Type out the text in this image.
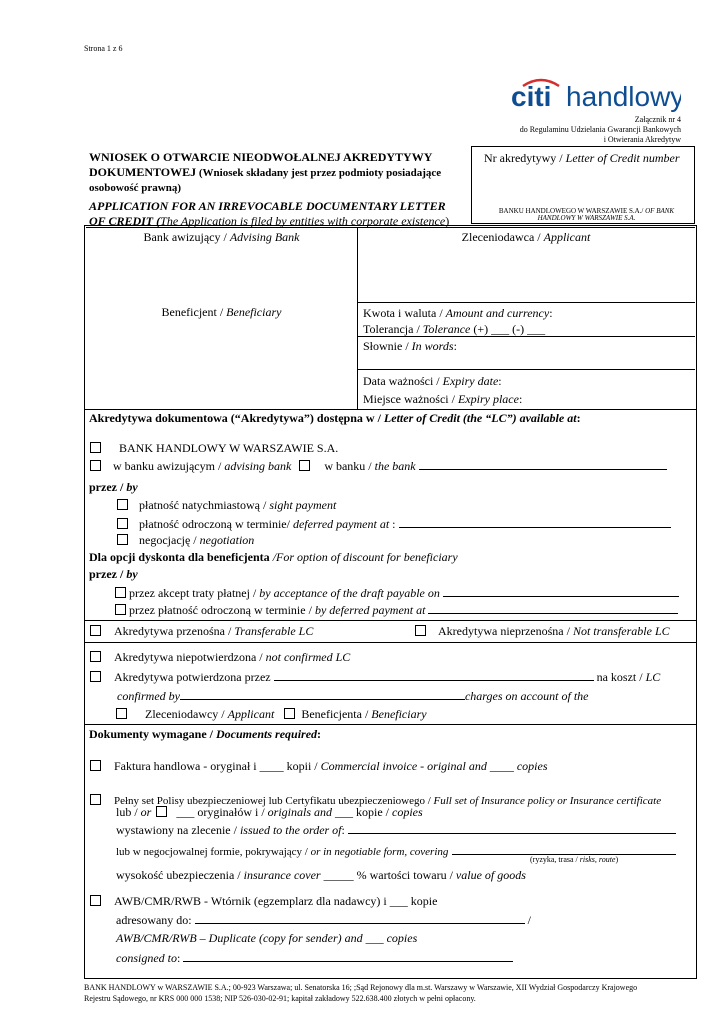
Strona 1 z 6
citi handlowy
Załącznik nr 4
do Regulaminu Udzielania Gwarancji Bankowych
i Otwierania Akredytyw
WNIOSEK O OTWARCIE NIEODWOŁALNEJ AKREDYTYWY
DOKUMENTOWEJ (Wniosek składany jest przez podmioty posiadające
osobowość prawną)
APPLICATION FOR AN IRREVOCABLE DOCUMENTARY LETTER
OF CREDIT (The Application is filed by entities with corporate existence)
Nr akredytywy / Letter of Credit number
BANKU HANDLOWEGO W WARSZAWIE S.A./ OF BANK HANDLOWY W WARSZAWIE S.A.
Bank awizujący / Advising Bank	Zleceniodawca / Applicant
Beneficjent / Beneficiary	Kwota i waluta / Amount and currency:
Tolerancja / Tolerance (+) ___ (-) ___
Słownie / In words:
Data ważności / Expiry date:
Miejsce ważności / Expiry place:
Akredytywa dokumentowa (“Akredytywa”) dostępna w / Letter of Credit (the “LC”) available at:
BANK HANDLOWY W WARSZAWIE S.A.
w banku awizującym / advising bank	w banku / the bank
przez / by
płatność natychmiastową / sight payment
płatność odroczoną w terminie/ deferred payment at :
negocjację / negotiation
Dla opcji dyskonta dla beneficjenta /For option of discount for beneficiary
przez / by
przez akcept traty płatnej / by acceptance of the draft payable on
przez płatność odroczoną w terminie / by deferred payment at
Akredytywa przenośna / Transferable LC	Akredytywa nieprzenośna / Not transferable LC
Akredytywa niepotwierdzona / not confirmed LC
Akredytywa potwierdzona przez	na koszt / LC
confirmed by	charges on account of the
Zleceniodawcy / Applicant Beneficjenta / Beneficiary
Dokumenty wymagane / Documents required:
Faktura handlowa - oryginał i ____ kopii / Commercial invoice - original and ____ copies
Pełny set Polisy ubezpieczeniowej lub Certyfikatu ubezpieczeniowego / Full set of Insurance policy or Insurance certificate
lub / or  ___ oryginałów i / originals and ___ kopie / copies
wystawiony na zlecenie / issued to the order of:
lub w negocjowalnej formie, pokrywający / or in negotiable form, covering
(ryzyka, trasa / risks, route)
wysokość ubezpieczenia / insurance cover _____ % wartości towaru / value of goods
AWB/CMR/RWB - Wtórnik (egzemplarz dla nadawcy) i ___ kopie
adresowany do:	/
AWB/CMR/RWB – Duplicate (copy for sender) and ___ copies
consigned to:
BANK HANDLOWY w WARSZAWIE S.A.; 00-923 Warszawa; ul. Senatorska 16; ;Sąd Rejonowy dla m.st. Warszawy w Warszawie, XII Wydział Gospodarczy Krajowego
Rejestru Sądowego, nr KRS 000 000 1538; NIP 526-030-02-91; kapitał zakładowy 522.638.400 złotych w pełni opłacony.
